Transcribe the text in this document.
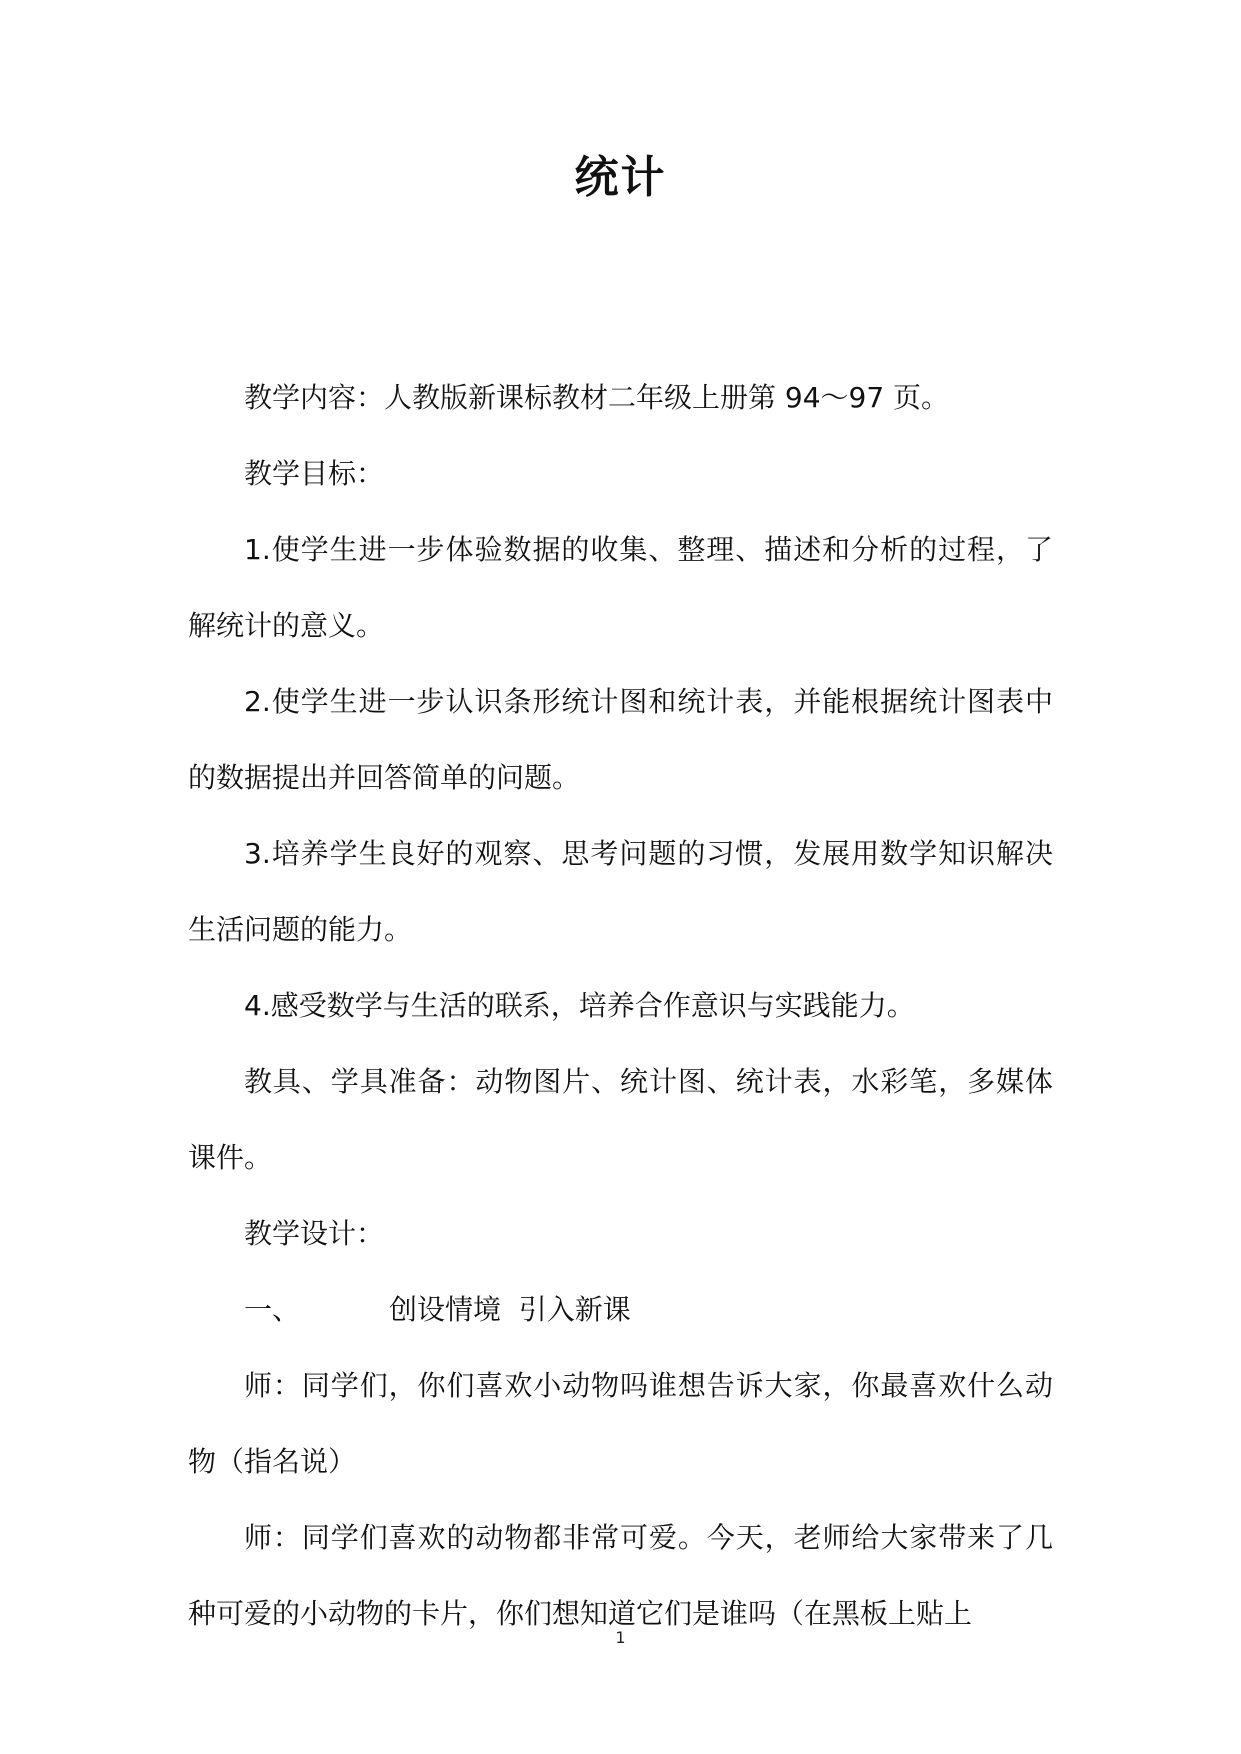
统计

教学内容：人教版新课标教材二年级上册第 94～97 页。

教学目标：

1.使学生进一步体验数据的收集、整理、描述和分析的过程，了解统计的意义。

2.使学生进一步认识条形统计图和统计表，并能根据统计图表中的数据提出并回答简单的问题。

3.培养学生良好的观察、思考问题的习惯，发展用数学知识解决生活问题的能力。

4.感受数学与生活的联系，培养合作意识与实践能力。

教具、学具准备：动物图片、统计图、统计表，水彩笔，多媒体课件。

教学设计：

一、          创设情境  引入新课

师：同学们，你们喜欢小动物吗谁想告诉大家，你最喜欢什么动物（指名说）

师：同学们喜欢的动物都非常可爱。今天，老师给大家带来了几种可爱的小动物的卡片，你们想知道它们是谁吗（在黑板上贴上

1
